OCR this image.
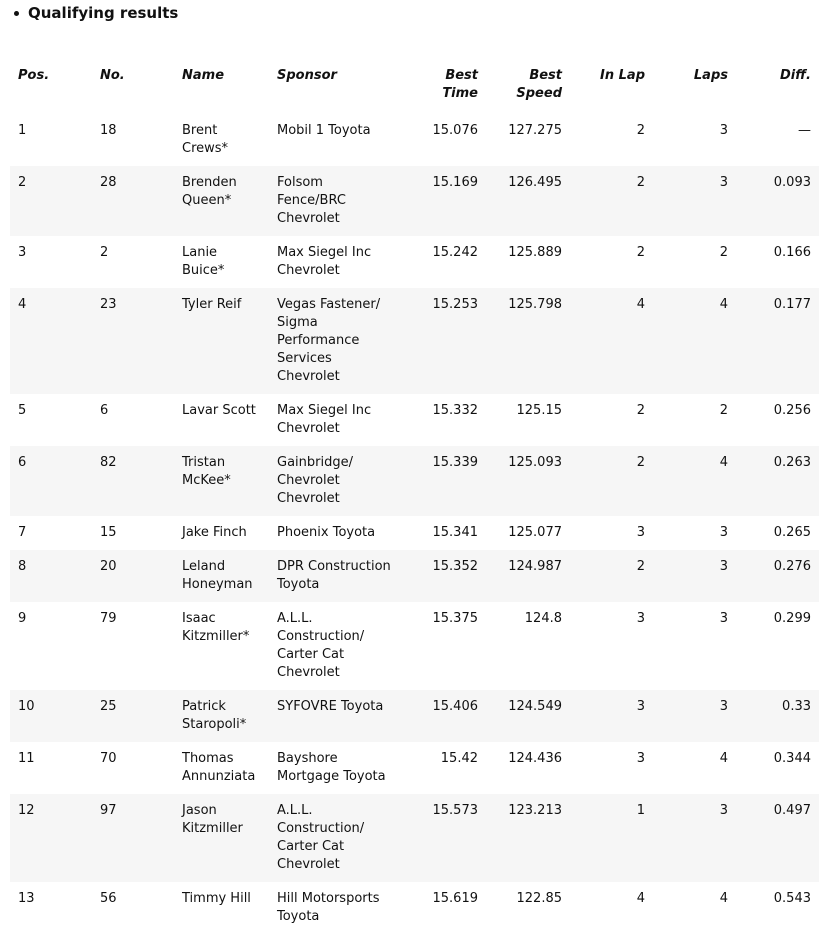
Qualifying results
Pos.	No.	Name	Sponsor	Best Time	Best Speed	In Lap	Laps	Diff.
1	18	Brent Crews*	Mobil 1 Toyota	15.076	127.275	2	3	—
2	28	Brenden Queen*	Folsom Fence/BRC Chevrolet	15.169	126.495	2	3	0.093
3	2	Lanie Buice*	Max Siegel Inc Chevrolet	15.242	125.889	2	2	0.166
4	23	Tyler Reif	Vegas Fastener/ Sigma Performance Services Chevrolet	15.253	125.798	4	4	0.177
5	6	Lavar Scott	Max Siegel Inc Chevrolet	15.332	125.15	2	2	0.256
6	82	Tristan McKee*	Gainbridge/ Chevrolet Chevrolet	15.339	125.093	2	4	0.263
7	15	Jake Finch	Phoenix Toyota	15.341	125.077	3	3	0.265
8	20	Leland Honeyman	DPR Construction Toyota	15.352	124.987	2	3	0.276
9	79	Isaac Kitzmiller*	A.L.L. Construction/ Carter Cat Chevrolet	15.375	124.8	3	3	0.299
10	25	Patrick Staropoli*	SYFOVRE Toyota	15.406	124.549	3	3	0.33
11	70	Thomas Annunziata	Bayshore Mortgage Toyota	15.42	124.436	3	4	0.344
12	97	Jason Kitzmiller	A.L.L. Construction/ Carter Cat Chevrolet	15.573	123.213	1	3	0.497
13	56	Timmy Hill	Hill Motorsports Toyota	15.619	122.85	4	4	0.543
